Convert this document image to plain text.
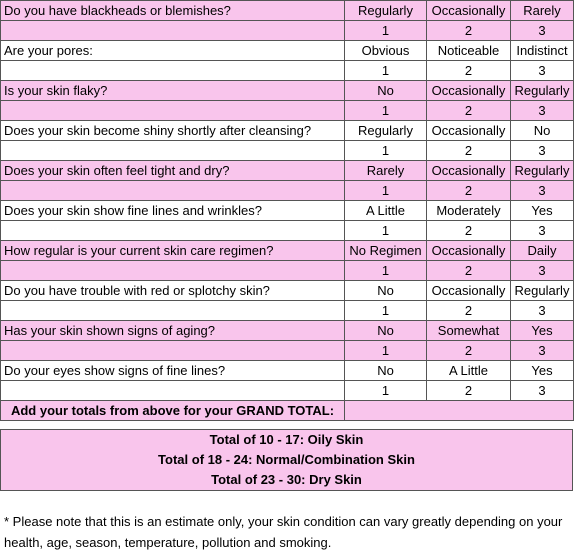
Do you have blackheads or blemishes?	Regularly	Occasionally	Rarely
	1	2	3
Are your pores:	Obvious	Noticeable	Indistinct
	1	2	3
Is your skin flaky?	No	Occasionally	Regularly
	1	2	3
Does your skin become shiny shortly after cleansing?	Regularly	Occasionally	No
	1	2	3
Does your skin often feel tight and dry?	Rarely	Occasionally	Regularly
	1	2	3
Does your skin show fine lines and wrinkles?	A Little	Moderately	Yes
	1	2	3
How regular is your current skin care regimen?	No Regimen	Occasionally	Daily
	1	2	3
Do you have trouble with red or splotchy skin?	No	Occasionally	Regularly
	1	2	3
Has your skin shown signs of aging?	No	Somewhat	Yes
	1	2	3
Do your eyes show signs of fine lines?	No	A Little	Yes
	1	2	3
Add your totals from above for your GRAND TOTAL:			
Total of 10 - 17: Oily Skin
Total of 18 - 24: Normal/Combination Skin
Total of 23 - 30: Dry Skin
* Please note that this is an estimate only, your skin condition can vary greatly depending on your health, age, season, temperature, pollution and smoking.
